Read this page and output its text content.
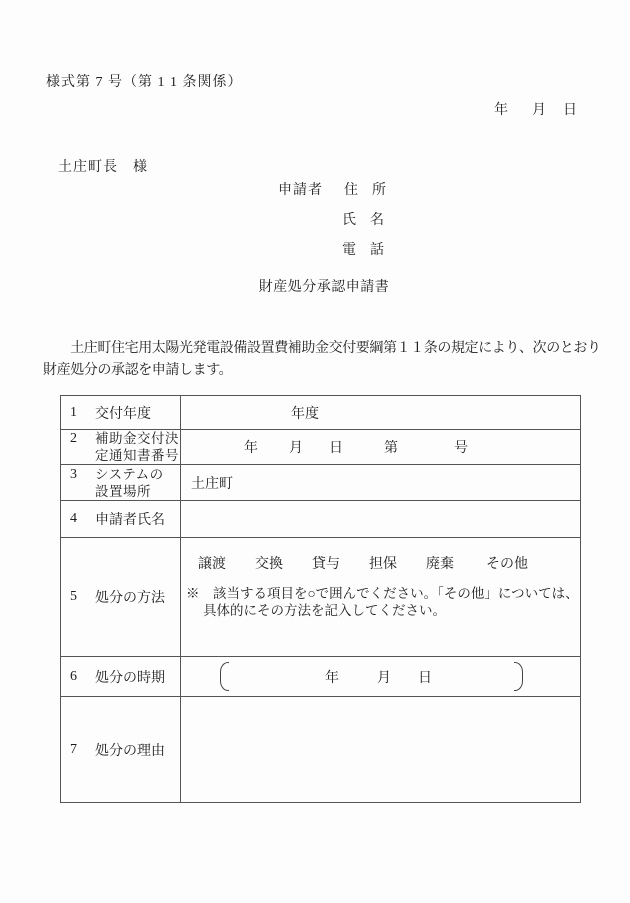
様式第 7 号（第 1 1 条関係）
年 月 日
土庄町長　様
申請者 住　所
氏　名
電　話
財産処分承認申請書
　　土庄町住宅用太陽光発電設備設置費補助金交付要綱第１１条の規定により、次のとおり
財産処分の承認を申請します。
1	交付年度	年度
2	補助金交付決
定通知書番号	年 月 日	第	号
3	システムの
設置場所	土庄町
4	申請者氏名
5	処分の方法
譲渡 交換 貸与 担保 廃棄 その他
※　該当する項目を○で囲んでください。「その他」については、
具体的にその方法を記入してください。
6	処分の時期	年	月 日
7	処分の理由
